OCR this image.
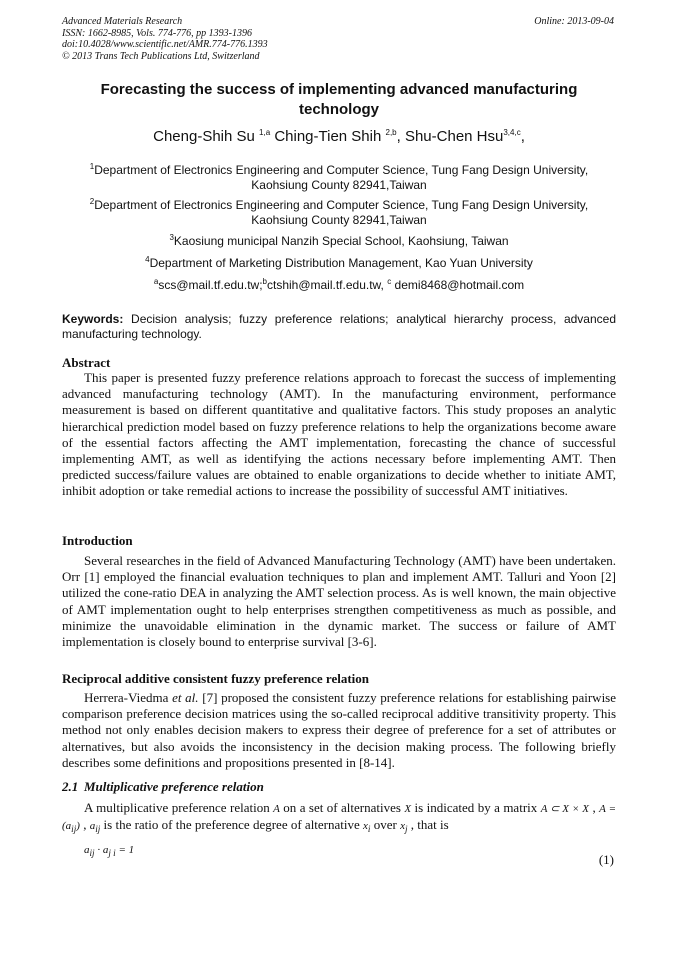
Advanced Materials Research
ISSN: 1662-8985, Vols. 774-776, pp 1393-1396
doi:10.4028/www.scientific.net/AMR.774-776.1393
© 2013 Trans Tech Publications Ltd, Switzerland
Online: 2013-09-04
Forecasting the success of implementing advanced manufacturing technology
Cheng-Shih Su $^{1,a}$ Ching-Tien Shih $^{2,b}$, Shu-Chen Hsu$^{3,4,c}$,
$^1$Department of Electronics Engineering and Computer Science, Tung Fang Design University, Kaohsiung County 82941,Taiwan
$^2$Department of Electronics Engineering and Computer Science, Tung Fang Design University, Kaohsiung County 82941,Taiwan
$^3$Kaosiung municipal Nanzih Special School, Kaohsiung, Taiwan
$^4$Department of Marketing Distribution Management, Kao Yuan University
$^a$scs@mail.tf.edu.tw;$^b$ctshih@mail.tf.edu.tw, $^c$ demi8468@hotmail.com
Keywords: Decision analysis; fuzzy preference relations; analytical hierarchy process, advanced manufacturing technology.
Abstract
This paper is presented fuzzy preference relations approach to forecast the success of implementing advanced manufacturing technology (AMT). In the manufacturing environment, performance measurement is based on different quantitative and qualitative factors. This study proposes an analytic hierarchical prediction model based on fuzzy preference relations to help the organizations become aware of the essential factors affecting the AMT implementation, forecasting the chance of successful implementing AMT, as well as identifying the actions necessary before implementing AMT. Then predicted success/failure values are obtained to enable organizations to decide whether to initiate AMT, inhibit adoption or take remedial actions to increase the possibility of successful AMT initiatives.
Introduction
Several researches in the field of Advanced Manufacturing Technology (AMT) have been undertaken. Orr [1] employed the financial evaluation techniques to plan and implement AMT. Talluri and Yoon [2] utilized the cone-ratio DEA in analyzing the AMT selection process. As is well known, the main objective of AMT implementation ought to help enterprises strengthen competitiveness as much as possible, and minimize the unavoidable elimination in the dynamic market. The success or failure of AMT implementation is closely bound to enterprise survival [3-6].
Reciprocal additive consistent fuzzy preference relation
Herrera-Viedma et al. [7] proposed the consistent fuzzy preference relations for establishing pairwise comparison preference decision matrices using the so-called reciprocal additive transitivity property. This method not only enables decision makers to express their degree of preference for a set of attributes or alternatives, but also avoids the inconsistency in the decision making process. The following briefly describes some definitions and propositions presented in [8-14].
2.1 Multiplicative preference relation
A multiplicative preference relation A on a set of alternatives X is indicated by a matrix A ⊂ X × X , $A = (a_{ij})$ , $a_{ij}$ is the ratio of the preference degree of alternative $x_i$ over $x_j$ , that is
$a_{ij} \cdot a_{j i} = 1$
(1)
